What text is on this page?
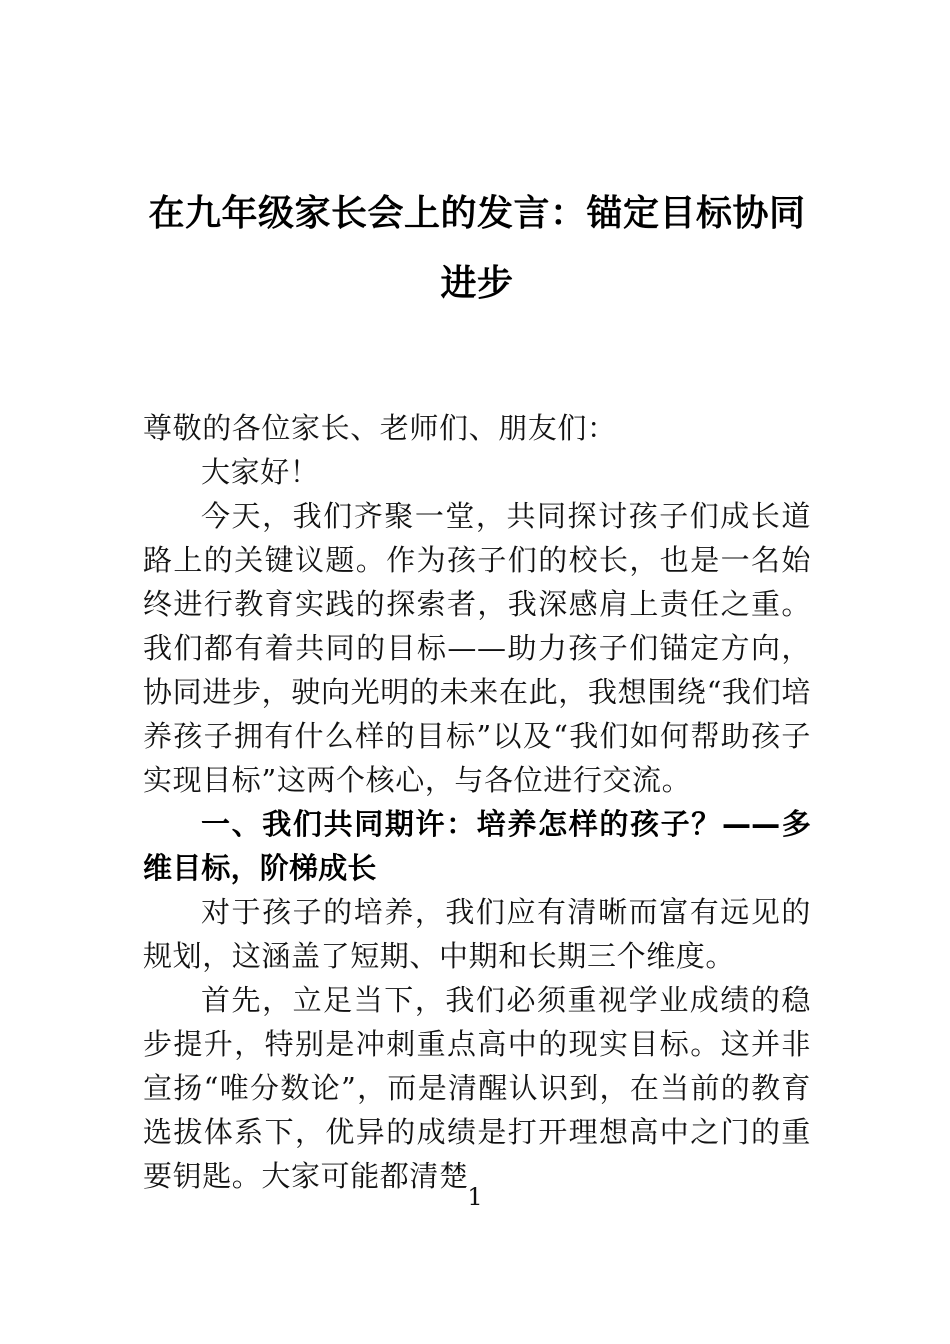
在九年级家长会上的发言：锚定目标协同进步

尊敬的各位家长、老师们、朋友们：

大家好！

今天，我们齐聚一堂，共同探讨孩子们成长道路上的关键议题。作为孩子们的校长，也是一名始终进行教育实践的探索者，我深感肩上责任之重。我们都有着共同的目标——助力孩子们锚定方向，协同进步，驶向光明的未来在此，我想围绕“我们培养孩子拥有什么样的目标”以及“我们如何帮助孩子实现目标”这两个核心，与各位进行交流。

一、我们共同期许：培养怎样的孩子？——多维目标，阶梯成长

对于孩子的培养，我们应有清晰而富有远见的规划，这涵盖了短期、中期和长期三个维度。

首先，立足当下，我们必须重视学业成绩的稳步提升，特别是冲刺重点高中的现实目标。这并非宣扬“唯分数论”，而是清醒认识到，在当前的教育选拔体系下，优异的成绩是打开理想高中之门的重要钥匙。大家可能都清楚

1
